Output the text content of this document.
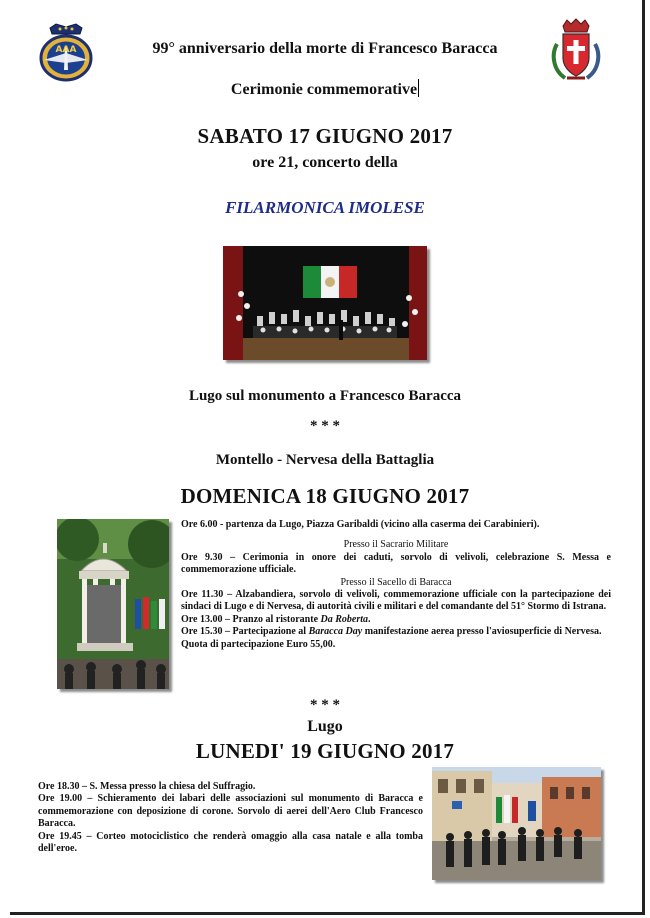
AAA	99° anniversario della morte di Francesco Baracca
Cerimonie commemorative
SABATO 17 GIUGNO 2017
ore 21, concerto della
FILARMONICA IMOLESE
Lugo sul monumento a Francesco Baracca
* * *
Montello - Nervesa della Battaglia
DOMENICA 18 GIUGNO 2017
Ore 6.00 - partenza da Lugo, Piazza Garibaldi (vicino alla caserma dei Carabinieri).
Presso il Sacrario Militare
Ore 9.30 – Cerimonia in onore dei caduti, sorvolo di velivoli, celebrazione S. Messa e commemorazione ufficiale.
Presso il Sacello di Baracca
Ore 11.30 – Alzabandiera, sorvolo di velivoli, commemorazione ufficiale con la partecipazione dei sindaci di Lugo e di Nervesa, di autorità civili e militari e del comandante del 51° Stormo di Istrana.
Ore 13.00 – Pranzo al ristorante Da Roberta.
Ore 15.30 – Partecipazione al Baracca Day manifestazione aerea presso l'aviosuperficie di Nervesa.
Quota di partecipazione Euro 55,00.
* * *
Lugo
LUNEDI' 19 GIUGNO 2017
Ore 18.30 – S. Messa presso la chiesa del Suffragio.
Ore 19.00 – Schieramento dei labari delle associazioni sul monumento di Baracca e commemorazione con deposizione di corone. Sorvolo di aerei dell'Aero Club Francesco Baracca.
Ore 19.45 – Corteo motociclistico che renderà omaggio alla casa natale e alla tomba dell'eroe.
